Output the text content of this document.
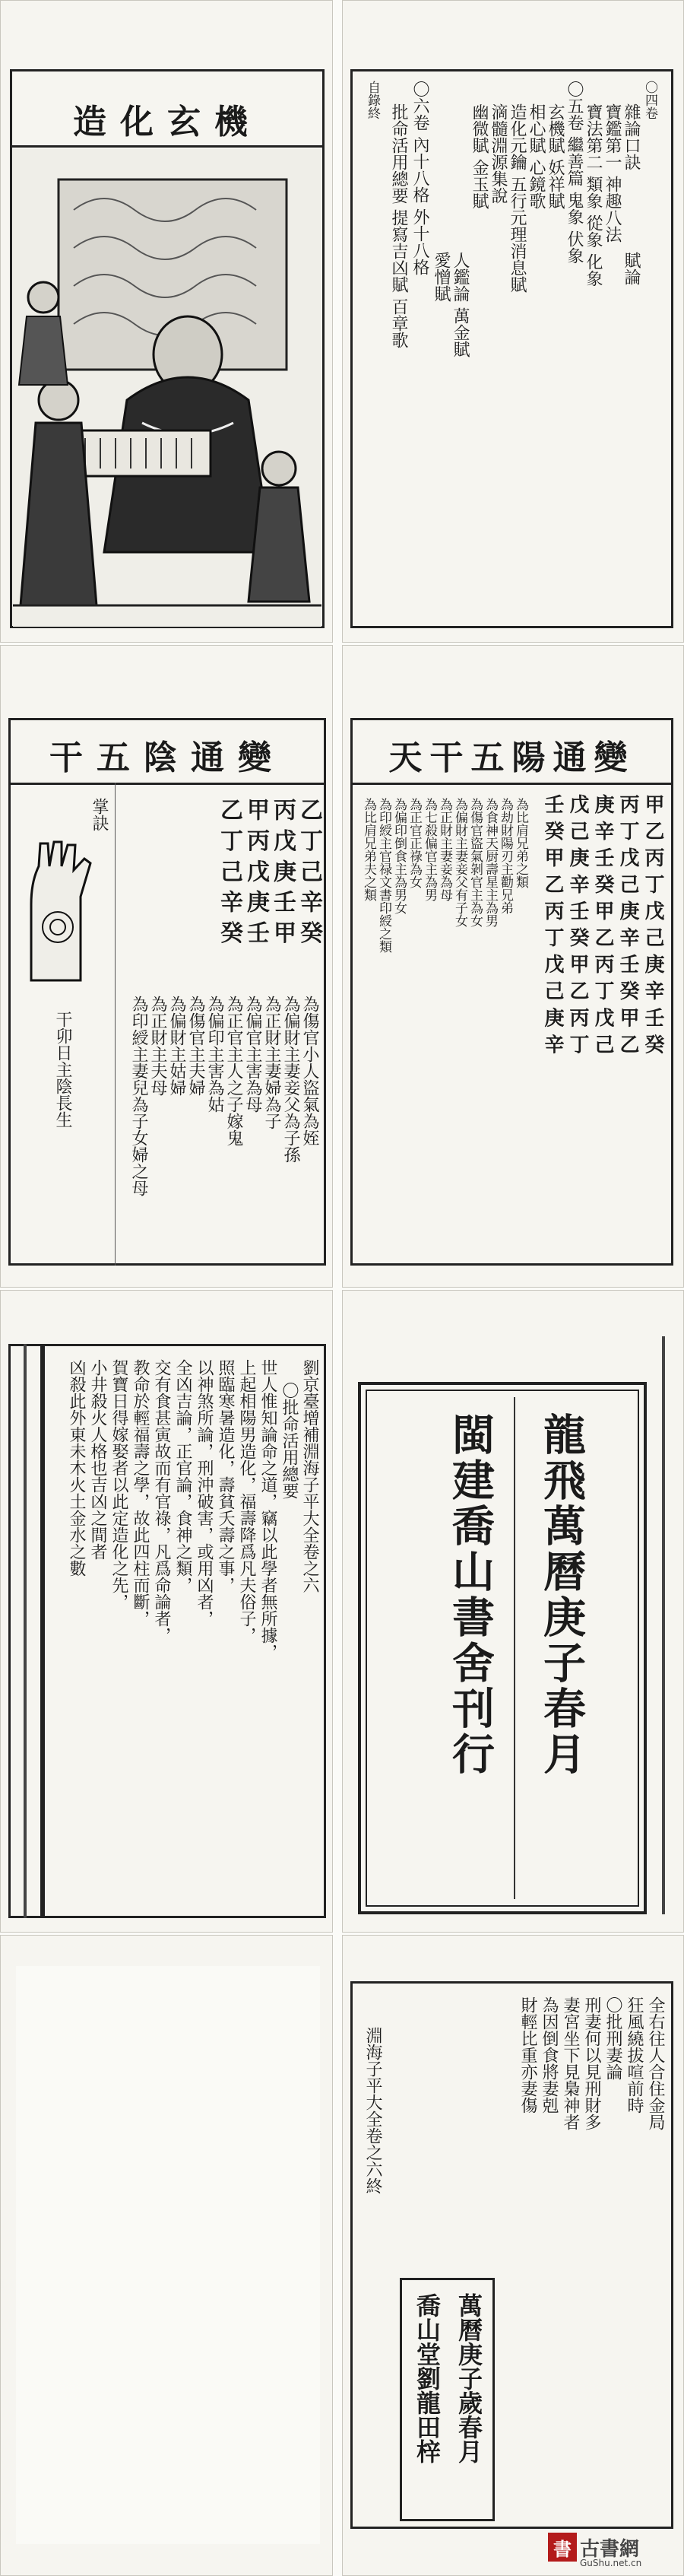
造化玄機
〇四卷
雜論口訣
賦論
寶鑑第一 神趣八法
寶法第二 類象 從象 化象
〇五卷 繼善篇 鬼象 伏象
玄機賦 妖祥賦
相心賦 心鏡歌
造化元鑰 五行元理消息賦
滴髓淵源集說
幽微賦 金玉賦
人鑑論 萬金賦
愛憎賦
〇六卷 內十八格 外十八格
批命活用總要 提寫吉凶賦 百章歌
自錄終
干五陰通變
乙 丁 己 辛 癸
丙 戊 庚 壬 甲
甲 丙 戊 庚 壬
乙 丁 己 辛 癸
為傷官小人盜氣為姪
為偏財主妻妾父為子孫
為正財主妻婦為子
為偏官主害為母
為正官主人之子嫁鬼
為偏印主害為姑
為傷官主夫婦
為偏財主姑婦
為正財主夫母
為印綬主妻兒為子女婦之母
掌訣
干卯日主陰長生
天干五陽通變
甲 乙 丙 丁 戊 己 庚 辛 壬 癸
丙 丁 戊 己 庚 辛 壬 癸 甲 乙
庚 辛 壬 癸 甲 乙 丙 丁 戊 己
戊 己 庚 辛 壬 癸 甲 乙 丙 丁
壬 癸 甲 乙 丙 丁 戊 己 庚 辛
為比肩兄弟之類
為劫財陽刃主勸兄弟
為食神天厨壽星主為男
為傷官盜氣剝官主為女
為偏財主妻妾父有子女
為正財主妻妾為母
為七殺偏官主為男
為正官正祿為女
為偏印倒食主為男女
為印綬主官禄文書印綬之類
為比肩兄弟夫之類
劉京臺增補淵海子平大全卷之六
〇批命活用總要
世人惟知論命之道，竊以此學者無所據，
上起相陽男造化，福壽降爲凡夫俗子，
照臨寒暑造化，壽貧夭壽之事，
以神煞所論，刑沖破害，或用凶者，
全凶吉論，正官論，食神之類，
交有食甚寅故而有官祿，凡爲命論者，
教命於輕福壽之學，故此四柱而斷，
賀寶日得嫁娶者以此定造化之先，
小井殺火人格也吉凶之間者
凶殺此外東未木火土金水之數	龍飛萬曆庚子春月
閩建喬山書舍刊行
全右往人合住金局
狂風繞拔喧前時
〇批刑妻論
刑妻何以見刑財多
妻宮坐下見梟神者
為因倒食將妻剋
財輕比重亦妻傷
淵海子平大全卷之六終
萬曆庚子歲春月
喬山堂劉龍田梓
書 古書網
GuShu.net.cn
